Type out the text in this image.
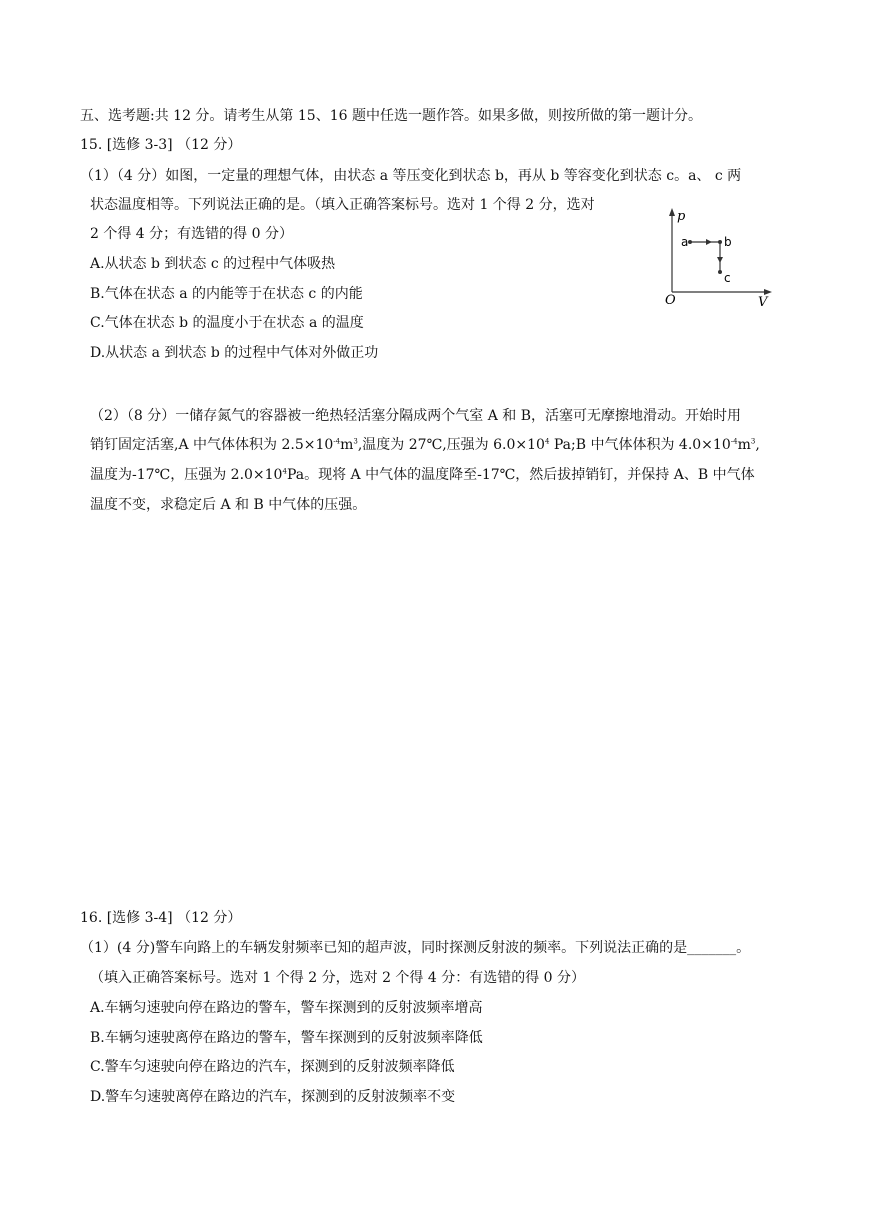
五、选考题:共 12 分。请考生从第 15、16 题中任选一题作答。如果多做，则按所做的第一题计分。
15. [选修 3-3] （12 分）
（1）（4 分）如图，一定量的理想气体，由状态 a 等压变化到状态 b，再从 b 等容变化到状态 c。a、 c 两
状态温度相等。下列说法正确的是。（填入正确答案标号。选对 1 个得 2 分，选对
2 个得 4 分；有选错的得 0 分）
A.从状态 b 到状态 c 的过程中气体吸热
B.气体在状态 a 的内能等于在状态 c 的内能
C.气体在状态 b 的温度小于在状态 a 的温度
D.从状态 a 到状态 b 的过程中气体对外做正功
p
V
O
a	b
c
（2）（8 分）一储存氮气的容器被一绝热轻活塞分隔成两个气室 A 和 B，活塞可无摩擦地滑动。开始时用
销钉固定活塞,A 中气体体积为 $2.5\times 10^{-4}m^3$,温度为 27℃,压强为 $6.0\times 10^4$ Pa;B 中气体体积为 $4.0\times 10^{-4}m^3$,
温度为-17℃，压强为 $2.0\times 10^4Pa$。现将 A 中气体的温度降至-17℃，然后拔掉销钉，并保持 A、B 中气体
温度不变，求稳定后 A 和 B 中气体的压强。
16. [选修 3-4] （12 分）
（1）(4 分)警车向路上的车辆发射频率已知的超声波，同时探测反射波的频率。下列说法正确的是_______。
（填入正确答案标号。选对 1 个得 2 分，选对 2 个得 4 分：有选错的得 0 分）
A.车辆匀速驶向停在路边的警车，警车探测到的反射波频率增高
B.车辆匀速驶离停在路边的警车，警车探测到的反射波频率降低
C.警车匀速驶向停在路边的汽车，探测到的反射波频率降低
D.警车匀速驶离停在路边的汽车，探测到的反射波频率不变
